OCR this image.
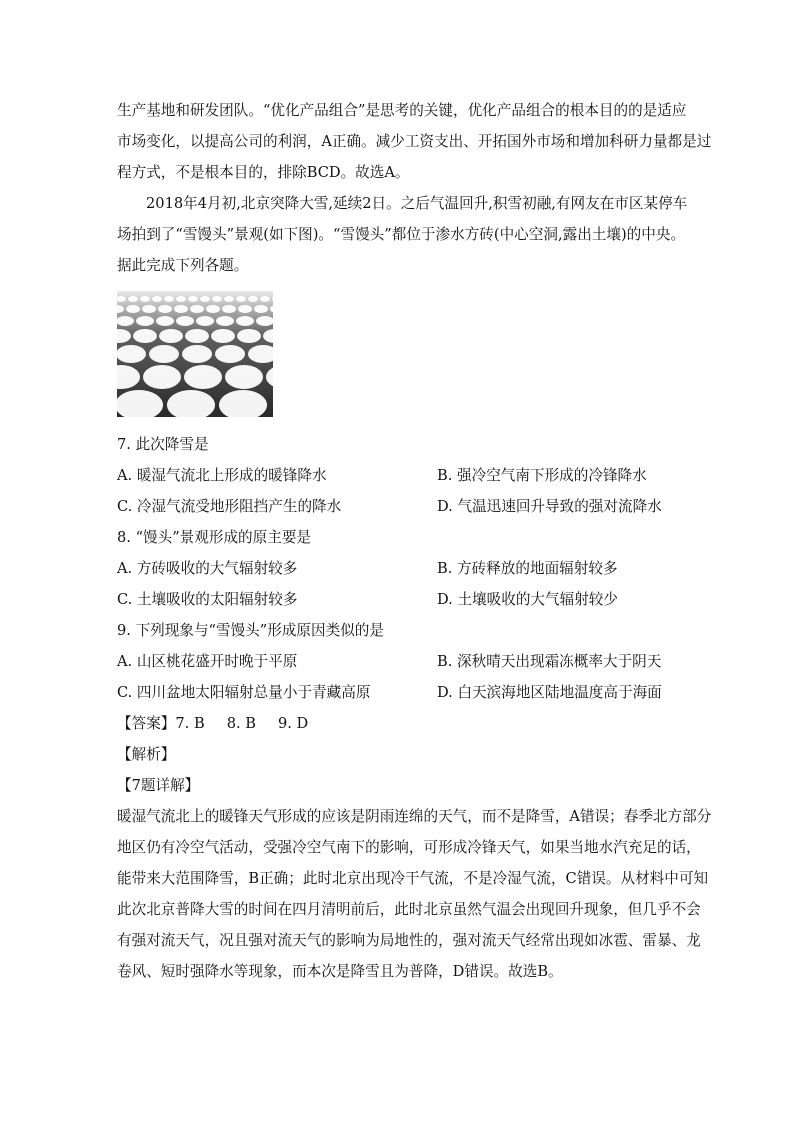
生产基地和研发团队。“优化产品组合”是思考的关键，优化产品组合的根本目的的是适应
市场变化，以提高公司的利润，A正确。减少工资支出、开拓国外市场和增加科研力量都是过
程方式，不是根本目的，排除BCD。故选A。
2018年4月初,北京突降大雪,延续2日。之后气温回升,积雪初融,有网友在市区某停车
场拍到了“雪馒头”景观(如下图)。“雪馒头”都位于渗水方砖(中心空洞,露出土壤)的中央。
据此完成下列各题。
7. 此次降雪是
A. 暖湿气流北上形成的暖锋降水	B. 强冷空气南下形成的冷锋降水
C. 冷湿气流受地形阻挡产生的降水	D. 气温迅速回升导致的强对流降水
8. “馒头”景观形成的原主要是
A. 方砖吸收的大气辐射较多	B. 方砖释放的地面辐射较多
C. 土壤吸收的太阳辐射较多	D. 土壤吸收的大气辐射较少
9. 下列现象与“雪馒头”形成原因类似的是
A. 山区桃花盛开时晚于平原	B. 深秋晴天出现霜冻概率大于阴天
C. 四川盆地太阳辐射总量小于青藏高原	D. 白天滨海地区陆地温度高于海面
【答案】7. B 8. B 9. D
【解析】
【7题详解】
暖湿气流北上的暖锋天气形成的应该是阴雨连绵的天气，而不是降雪，A错误；春季北方部分
地区仍有冷空气活动，受强冷空气南下的影响，可形成冷锋天气，如果当地水汽充足的话，
能带来大范围降雪，B正确；此时北京出现冷干气流，不是冷湿气流，C错误。从材料中可知
此次北京普降大雪的时间在四月清明前后，此时北京虽然气温会出现回升现象，但几乎不会
有强对流天气，况且强对流天气的影响为局地性的，强对流天气经常出现如冰雹、雷暴、龙
卷风、短时强降水等现象，而本次是降雪且为普降，D错误。故选B。
